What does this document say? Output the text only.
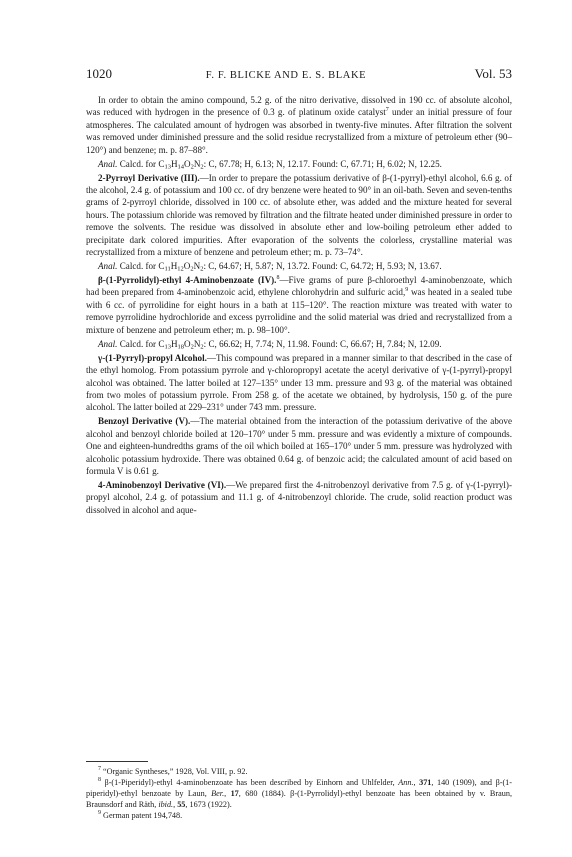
1020	F. F. BLICKE AND E. S. BLAKE	Vol. 53

In order to obtain the amino compound, 5.2 g. of the nitro derivative, dissolved in 190 cc. of absolute alcohol, was reduced with hydrogen in the presence of 0.3 g. of platinum oxide catalyst$^7$ under an initial pressure of four atmospheres. The calculated amount of hydrogen was absorbed in twenty-five minutes. After filtration the solvent was removed under diminished pressure and the solid residue recrystallized from a mixture of petroleum ether (90–120°) and benzene; m. p. 87–88°.

Anal. Calcd. for $C_{13}H_{14}O_2N_2$: C, 67.78; H, 6.13; N, 12.17. Found: C, 67.71; H, 6.02; N, 12.25.

2-Pyrroyl Derivative (III).—In order to prepare the potassium derivative of β-(1-pyrryl)-ethyl alcohol, 6.6 g. of the alcohol, 2.4 g. of potassium and 100 cc. of dry benzene were heated to 90° in an oil-bath. Seven and seven-tenths grams of 2-pyrroyl chloride, dissolved in 100 cc. of absolute ether, was added and the mixture heated for several hours. The potassium chloride was removed by filtration and the filtrate heated under diminished pressure in order to remove the solvents. The residue was dissolved in absolute ether and low-boiling petroleum ether added to precipitate dark colored impurities. After evaporation of the solvents the colorless, crystalline material was recrystallized from a mixture of benzene and petroleum ether; m. p. 73–74°.

Anal. Calcd. for $C_{11}H_{12}O_2N_2$: C, 64.67; H, 5.87; N, 13.72. Found: C, 64.72; H, 5.93; N, 13.67.

β-(1-Pyrrolidyl)-ethyl 4-Aminobenzoate (IV).$^8$—Five grams of pure β-chloroethyl 4-aminobenzoate, which had been prepared from 4-aminobenzoic acid, ethylene chlorohydrin and sulfuric acid,$^9$ was heated in a sealed tube with 6 cc. of pyrrolidine for eight hours in a bath at 115–120°. The reaction mixture was treated with water to remove pyrrolidine hydrochloride and excess pyrrolidine and the solid material was dried and recrystallized from a mixture of benzene and petroleum ether; m. p. 98–100°.

Anal. Calcd. for $C_{13}H_{18}O_2N_2$: C, 66.62; H, 7.74; N, 11.98. Found: C, 66.67; H, 7.84; N, 12.09.

γ-(1-Pyrryl)-propyl Alcohol.—This compound was prepared in a manner similar to that described in the case of the ethyl homolog. From potassium pyrrole and γ-chloropropyl acetate the acetyl derivative of γ-(1-pyrryl)-propyl alcohol was obtained. The latter boiled at 127–135° under 13 mm. pressure and 93 g. of the material was obtained from two moles of potassium pyrrole. From 258 g. of the acetate we obtained, by hydrolysis, 150 g. of the pure alcohol. The latter boiled at 229–231° under 743 mm. pressure.

Benzoyl Derivative (V).—The material obtained from the interaction of the potassium derivative of the above alcohol and benzoyl chloride boiled at 120–170° under 5 mm. pressure and was evidently a mixture of compounds. One and eighteen-hundredths grams of the oil which boiled at 165–170° under 5 mm. pressure was hydrolyzed with alcoholic potassium hydroxide. There was obtained 0.64 g. of benzoic acid; the calculated amount of acid based on formula V is 0.61 g.

4-Aminobenzoyl Derivative (VI).—We prepared first the 4-nitrobenzoyl derivative from 7.5 g. of γ-(1-pyrryl)-propyl alcohol, 2.4 g. of potassium and 11.1 g. of 4-nitrobenzoyl chloride. The crude, solid reaction product was dissolved in alcohol and aque-

$^7$ “Organic Syntheses,” 1928, Vol. VIII, p. 92.

$^8$ β-(1-Piperidyl)-ethyl 4-aminobenzoate has been described by Einhorn and Uhlfelder, Ann., 371, 140 (1909), and β-(1-piperidyl)-ethyl benzoate by Laun, Ber., 17, 680 (1884). β-(1-Pyrrolidyl)-ethyl benzoate has been obtained by v. Braun, Braunsdorf and Räth, ibid., 55, 1673 (1922).

$^9$ German patent 194,748.
